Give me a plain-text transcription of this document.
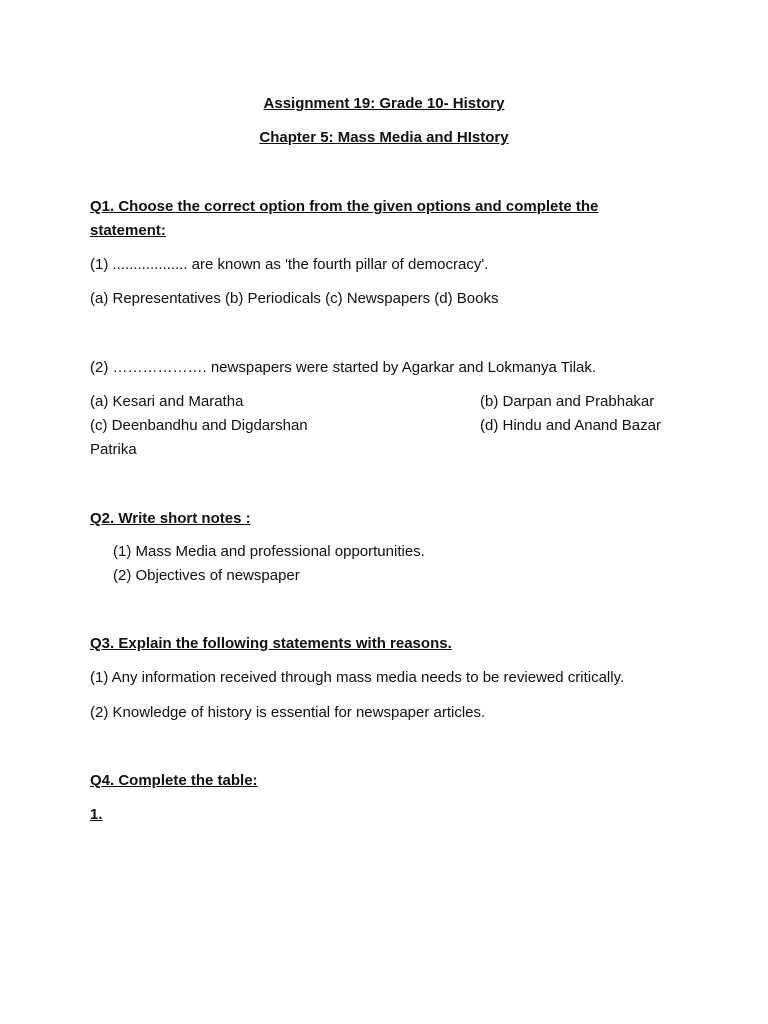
Assignment 19: Grade 10- History
Chapter 5: Mass Media and HIstory
Q1. Choose the correct option from the given options and complete the
statement:
(1) .................. are known as 'the fourth pillar of democracy'.
(a) Representatives (b) Periodicals (c) Newspapers (d) Books
(2) ………………. newspapers were started by Agarkar and Lokmanya Tilak.
(a) Kesari and Maratha	(b) Darpan and Prabhakar
(c) Deenbandhu and Digdarshan	(d) Hindu and Anand Bazar
Patrika
Q2. Write short notes :
(1) Mass Media and professional opportunities.
(2) Objectives of newspaper
Q3. Explain the following statements with reasons.
(1) Any information received through mass media needs to be reviewed critically.
(2) Knowledge of history is essential for newspaper articles.
Q4. Complete the table:
1.
